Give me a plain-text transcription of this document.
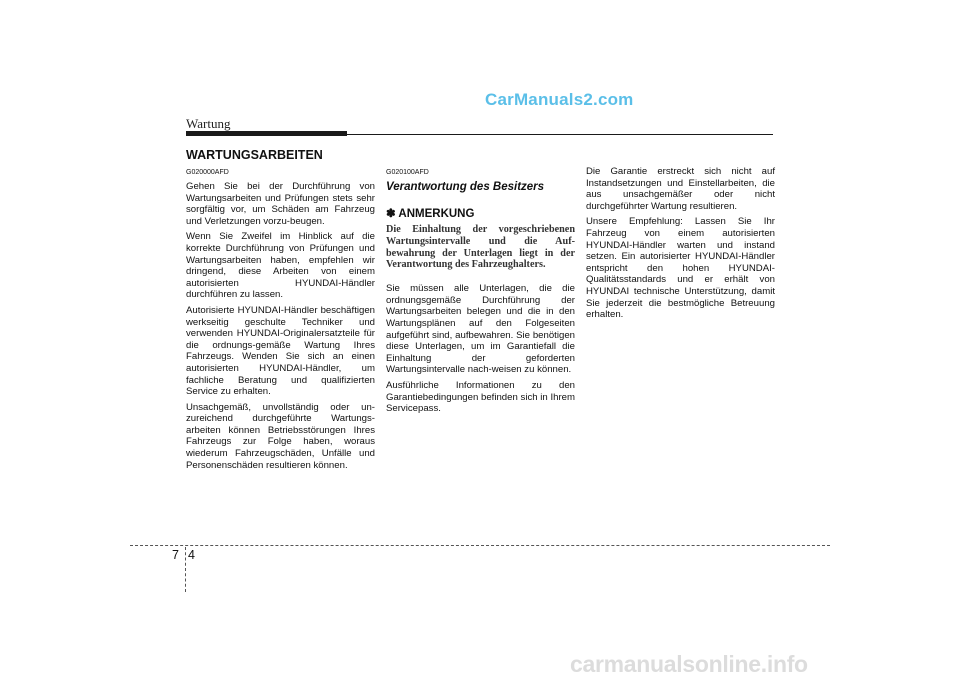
CarManuals2.com
Wartung
WARTUNGSARBEITEN
G020000AFD

Gehen Sie bei der Durchführung von Wartungsarbeiten und Prüfungen stets sehr sorgfältig vor, um Schäden am Fahrzeug und Verletzungen vorzu-beugen.

Wenn Sie Zweifel im Hinblick auf die korrekte Durchführung von Prüfungen und Wartungsarbeiten haben, empfehlen wir dringend, diese Arbeiten von einem autorisierten HYUNDAI-Händler durchführen zu lassen.

Autorisierte HYUNDAI-Händler beschäftigen werkseitig geschulte Techniker und verwenden HYUNDAI-Originalersatzteile für die ordnungs-gemäße Wartung Ihres Fahrzeugs. Wenden Sie sich an einen autorisierten HYUNDAI-Händler, um fachliche Beratung und qualifizierten Service zu erhalten.

Unsachgemäß, unvollständig oder un-zureichend durchgeführte Wartungs-arbeiten können Betriebsstörungen Ihres Fahrzeugs zur Folge haben, woraus wiederum Fahrzeugschäden, Unfälle und Personenschäden resultieren können.

G020100AFD
Verantwortung des Besitzers
✽ ANMERKUNG

Die Einhaltung der vorgeschriebenen Wartungsintervalle und die Auf-bewahrung der Unterlagen liegt in der Verantwortung des Fahrzeughalters.

Sie müssen alle Unterlagen, die die ordnungsgemäße Durchführung der Wartungsarbeiten belegen und die in den Wartungsplänen auf den Folgeseiten aufgeführt sind, aufbewahren. Sie benötigen diese Unterlagen, um im Garantiefall die Einhaltung der geforderten Wartungsintervalle nach-weisen zu können.

Ausführliche Informationen zu den Garantiebedingungen befinden sich in Ihrem Servicepass.

Die Garantie erstreckt sich nicht auf Instandsetzungen und Einstellarbeiten, die aus unsachgemäßer oder nicht durchgeführter Wartung resultieren.

Unsere Empfehlung: Lassen Sie Ihr Fahrzeug von einem autorisierten HYUNDAI-Händler warten und instand setzen. Ein autorisierter HYUNDAI-Händler entspricht den hohen HYUNDAI-Qualitätsstandards und er erhält von HYUNDAI technische Unterstützung, damit Sie jederzeit die bestmögliche Betreuung erhalten.

7 4
carmanualsonline.info
